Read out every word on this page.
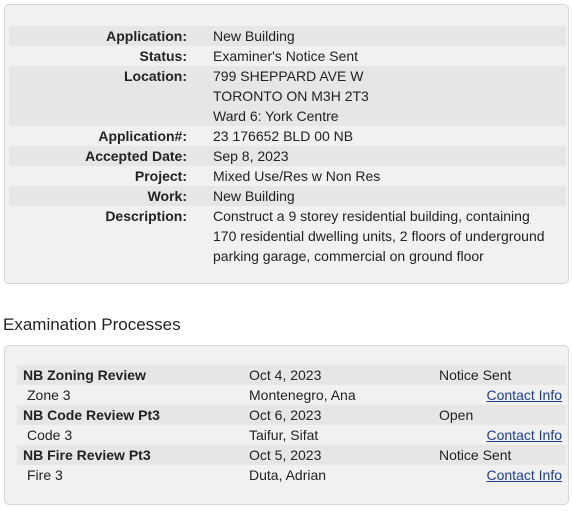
Application:	New Building

Status:	Examiner's Notice Sent

Location:	799 SHEPPARD AVE W
TORONTO ON M3H 2T3
Ward 6: York Centre

Application#:	23 176652 BLD 00 NB

Accepted Date:	Sep 8, 2023

Project:	Mixed Use/Res w Non Res

Work:	New Building

Description:	Construct a 9 storey residential building, containing
170 residential dwelling units, 2 floors of underground
parking garage, commercial on ground floor
Examination Processes
NB Zoning Review	Oct 4, 2023	Notice Sent
Zone 3	Montenegro, Ana	Contact Info
NB Code Review Pt3	Oct 6, 2023	Open
Code 3	Taifur, Sifat	Contact Info
NB Fire Review Pt3	Oct 5, 2023	Notice Sent
Fire 3	Duta, Adrian	Contact Info
